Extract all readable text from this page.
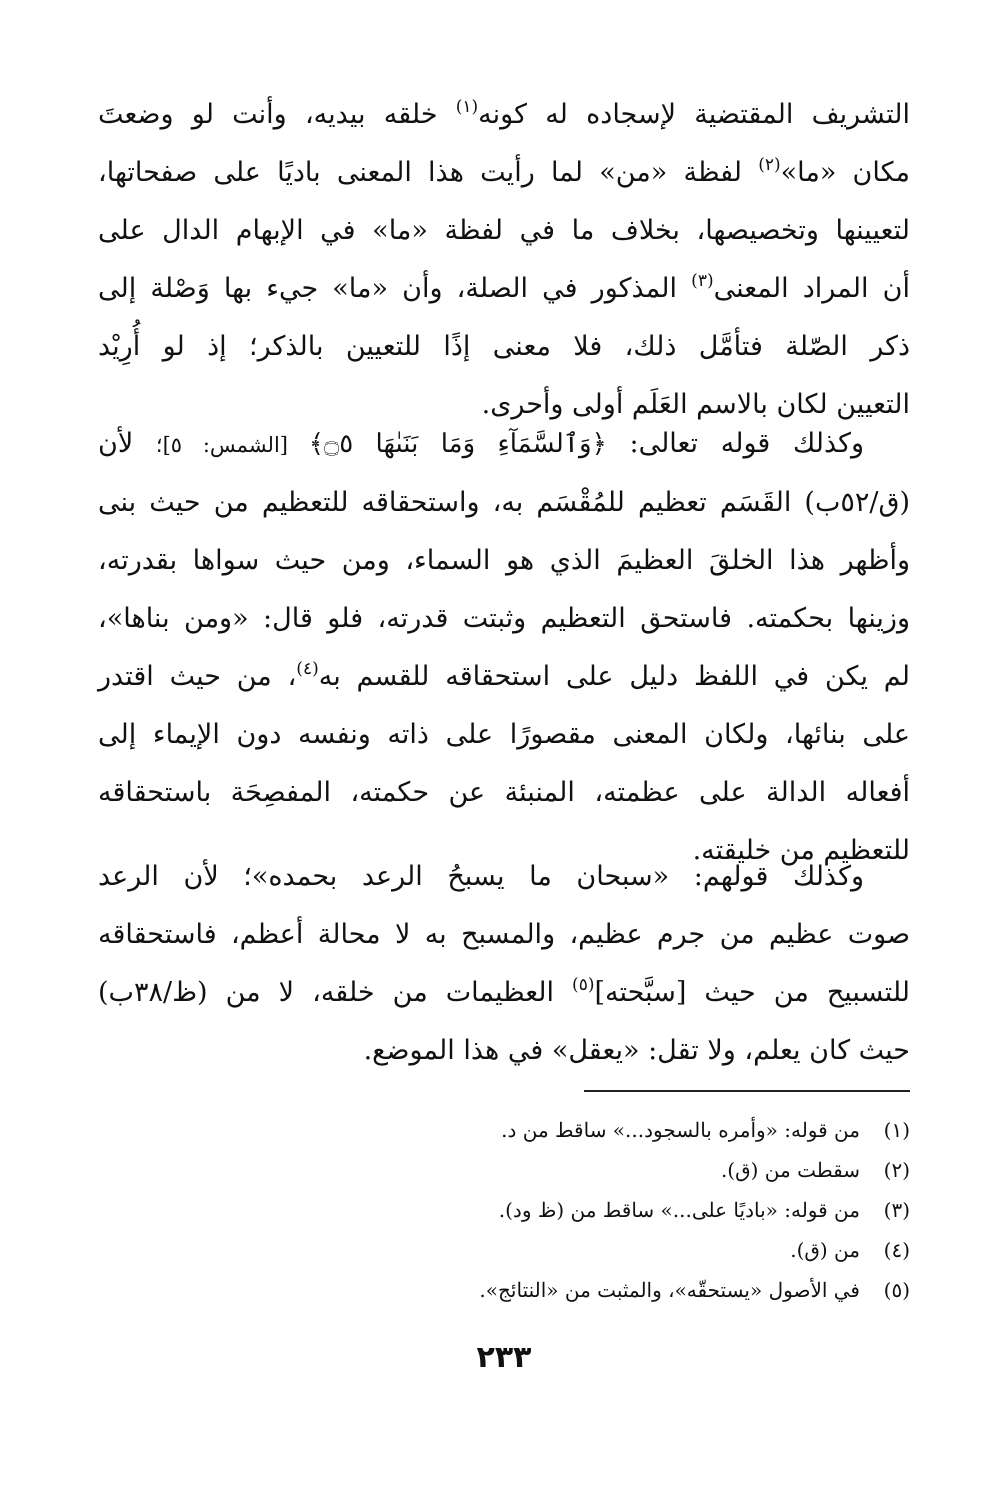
التشريف المقتضية لإسجاده له كونه$^{(١)}$ خلقه بيديه، وأنت لو وضعتَ
مكان «ما»$^{(٢)}$ لفظة «من» لما رأيت هذا المعنى باديًا على صفحاتها،
لتعيينها وتخصيصها، بخلاف ما في لفظة «ما» في الإبهام الدال على
أن المراد المعنى$^{(٣)}$ المذكور في الصلة، وأن «ما» جيء بها وَصْلة إلى
ذكر الصّلة فتأمَّل ذلك، فلا معنى إذًا للتعيين بالذكر؛ إذ لو أُرِيْد
التعيين لكان بالاسم العَلَم أولى وأحرى.

وكذلك قوله تعالى: ﴿وَٱلسَّمَآءِ وَمَا بَنَىٰهَا ۝٥﴾ [الشمس: ٥]؛ لأن
(ق/٥٢ب) القَسَم تعظيم للمُقْسَم به، واستحقاقه للتعظيم من حيث بنى
وأظهر هذا الخلقَ العظيمَ الذي هو السماء، ومن حيث سواها بقدرته،
وزينها بحكمته. فاستحق التعظيم وثبتت قدرته، فلو قال: «ومن بناها»،
لم يكن في اللفظ دليل على استحقاقه للقسم به$^{(٤)}$، من حيث اقتدر
على بنائها، ولكان المعنى مقصورًا على ذاته ونفسه دون الإيماء إلى
أفعاله الدالة على عظمته، المنبئة عن حكمته، المفصِحَة باستحقاقه
للتعظيم من خليقته.

وكذلك قولهم: «سبحان ما يسبحُ الرعد بحمده»؛ لأن الرعد
صوت عظيم من جرم عظيم، والمسبح به لا محالة أعظم، فاستحقاقه
للتسبيح من حيث [سبَّحته]$^{(٥)}$ العظيمات من خلقه، لا من (ظ/٣٨ب)
حيث كان يعلم، ولا تقل: «يعقل» في هذا الموضع.

(١)من قوله: «وأمره بالسجود...» ساقط من د.
(٢)سقطت من (ق).
(٣)من قوله: «باديًا على...» ساقط من (ظ ود).
(٤)من (ق).
(٥)في الأصول «يستحقّه»، والمثبت من «النتائج».
٢٣٣
